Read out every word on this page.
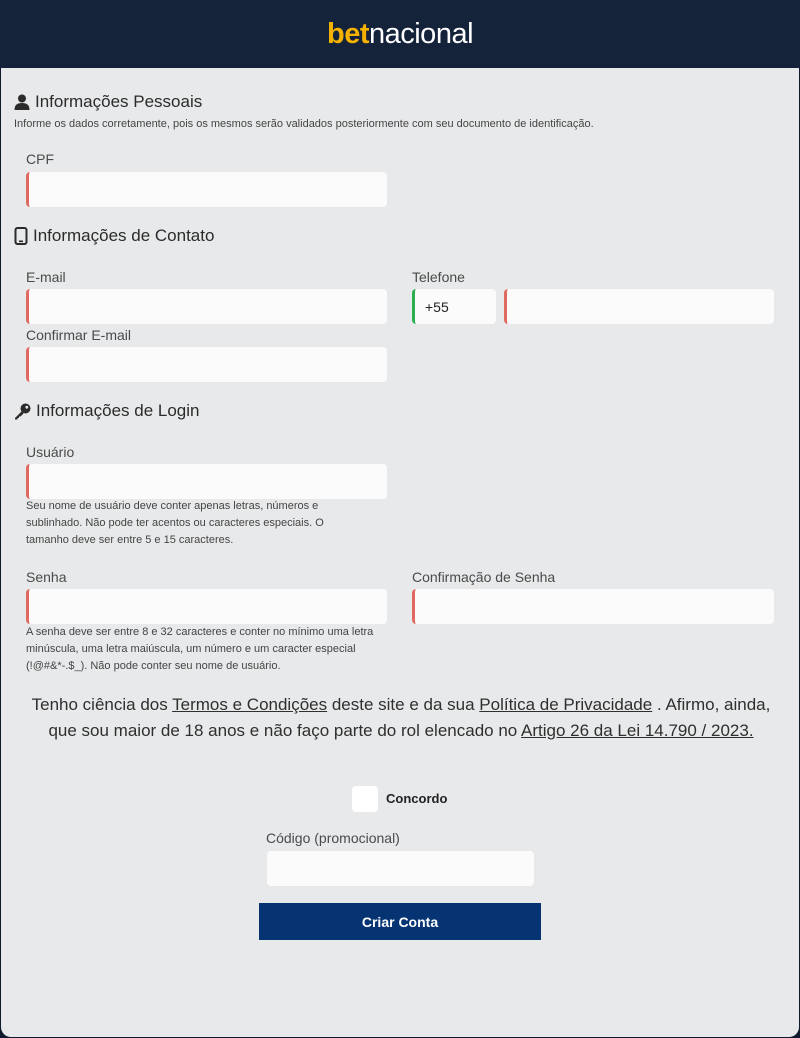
bet nacional
Informações Pessoais
Informe os dados corretamente, pois os mesmos serão validados posteriormente com seu documento de identificação.
CPF
Informações de Contato
E-mail	Telefone
+55
Confirmar E-mail
Informações de Login
Usuário
Seu nome de usuário deve conter apenas letras, números e sublinhado. Não pode ter acentos ou caracteres especiais. O tamanho deve ser entre 5 e 15 caracteres.
Senha
A senha deve ser entre 8 e 32 caracteres e conter no mínimo uma letra minúscula, uma letra maiúscula, um número e um caracter especial (!@#&*-.$_). Não pode conter seu nome de usuário.
Confirmação de Senha
Tenho ciência dos Termos e Condições deste site e da sua Política de Privacidade . Afirmo, ainda, que sou maior de 18 anos e não faço parte do rol elencado no Artigo 26 da Lei 14.790 / 2023.
Concordo
Código (promocional)
Criar Conta
